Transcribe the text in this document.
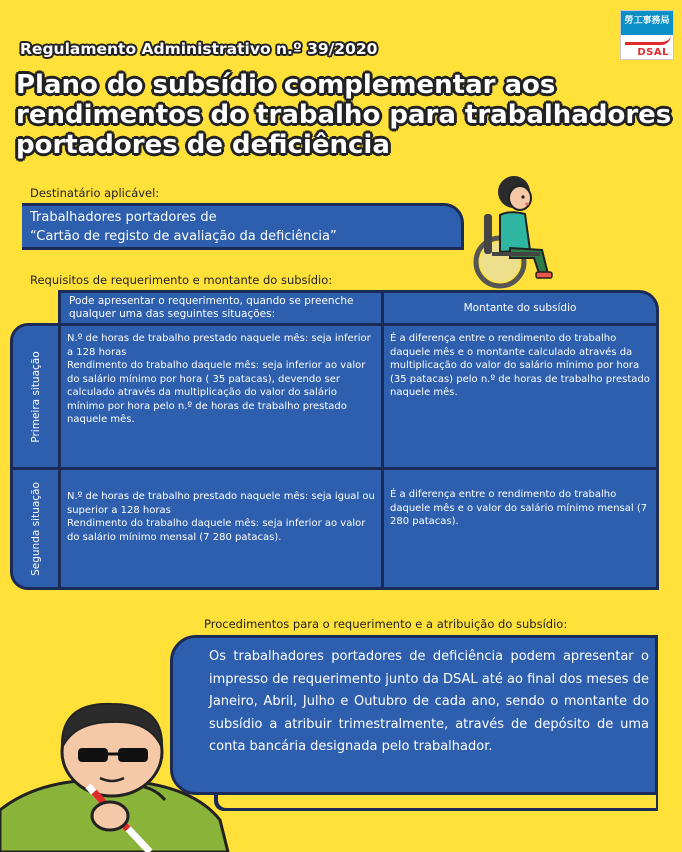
勞工事務局
DSAL
Regulamento Administrativo n.º 39/2020
Plano do subsídio complementar aos rendimentos do trabalho para trabalhadores portadores de deficiência
Destinatário aplicável:
Trabalhadores portadores de
“Cartão de registo de avaliação da deficiência”
Requisitos de requerimento e montante do subsídio:
Pode apresentar o requerimento, quando se preenche qualquer uma das seguintes situações:	Montante do subsídio
Primeira situação
N.º de horas de trabalho prestado naquele mês: seja inferior a 128 horas
Rendimento do trabalho daquele mês: seja inferior ao valor do salário mínimo por hora ( 35 patacas), devendo ser calculado através da multiplicação do valor do salário mínimo por hora pelo n.º de horas de trabalho prestado naquele mês.
É a diferença entre o rendimento do trabalho daquele mês e o montante calculado através da multiplicação do valor do salário mínimo por hora (35 patacas) pelo n.º de horas de trabalho prestado naquele mês.
Segunda situação	N.º de horas de trabalho prestado naquele mês: seja igual ou superior a 128 horas
Rendimento do trabalho daquele mês: seja inferior ao valor do salário mínimo mensal (7 280 patacas).
É a diferença entre o rendimento do trabalho daquele mês e o valor do salário mínimo mensal (7 280 patacas).
Procedimentos para o requerimento e a atribuição do subsídio:
Os trabalhadores portadores de deficiência podem apresentar o impresso de requerimento junto da DSAL até ao final dos meses de Janeiro, Abril, Julho e Outubro de cada ano, sendo o montante do subsídio a atribuir trimestralmente, através de depósito de uma conta bancária designada pelo trabalhador.
